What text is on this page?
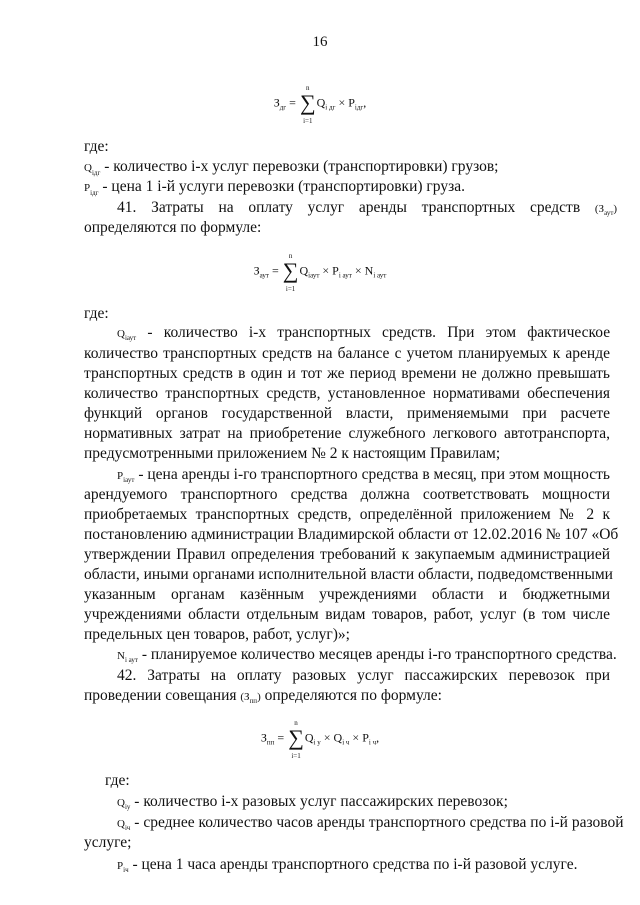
16
$З_{дг}$ =
n
∑
i=1
$Q_{i дг} \times P_{iдг}$,
где:
$Q_{iдг}$ - количество i-х услуг перевозки (транспортировки) грузов;
$P_{iдг}$ - цена 1 i-й услуги перевозки (транспортировки) груза.
41. Затраты на оплату услуг аренды транспортных средств $(З_{аут})$
определяются по формуле:
$З_{аут}$ =
n
∑
i=1
$Q_{iаут} \times P_{i аут} \times N_{i аут}$
где:
$Q_{iаут}$ - количество i-х транспортных средств. При этом фактическое
количество транспортных средств на балансе с учетом планируемых к аренде
транспортных средств в один и тот же период времени не должно превышать
количество транспортных средств, установленное нормативами обеспечения
функций органов государственной власти, применяемыми при расчете
нормативных затрат на приобретение служебного легкового автотранспорта,
предусмотренными приложением № 2 к настоящим Правилам;
$P_{iаут}$ - цена аренды i-го транспортного средства в месяц, при этом мощность
арендуемого транспортного средства должна соответствовать мощности
приобретаемых транспортных средств, определённой приложением № 2 к
постановлению администрации Владимирской области от 12.02.2016 № 107 «Об
утверждении Правил определения требований к закупаемым администрацией
области, иными органами исполнительной власти области, подведомственными
указанным органам казённым учреждениями области и бюджетными
учреждениями области отдельным видам товаров, работ, услуг (в том числе
предельных цен товаров, работ, услуг)»;
$N_{i аут}$ - планируемое количество месяцев аренды i-го транспортного средства.
42. Затраты на оплату разовых услуг пассажирских перевозок при
проведении совещания $(З_{пп})$ определяются по формуле:
$З_{пп}$ =
n
∑
i=1
$Q_{i у} \times Q_{i ч} \times P_{i ч}$,
где:
$Q_{iу}$ - количество i-х разовых услуг пассажирских перевозок;
$Q_{iч}$ - среднее количество часов аренды транспортного средства по i-й разовой
услуге;
$P_{iч}$ - цена 1 часа аренды транспортного средства по i-й разовой услуге.
